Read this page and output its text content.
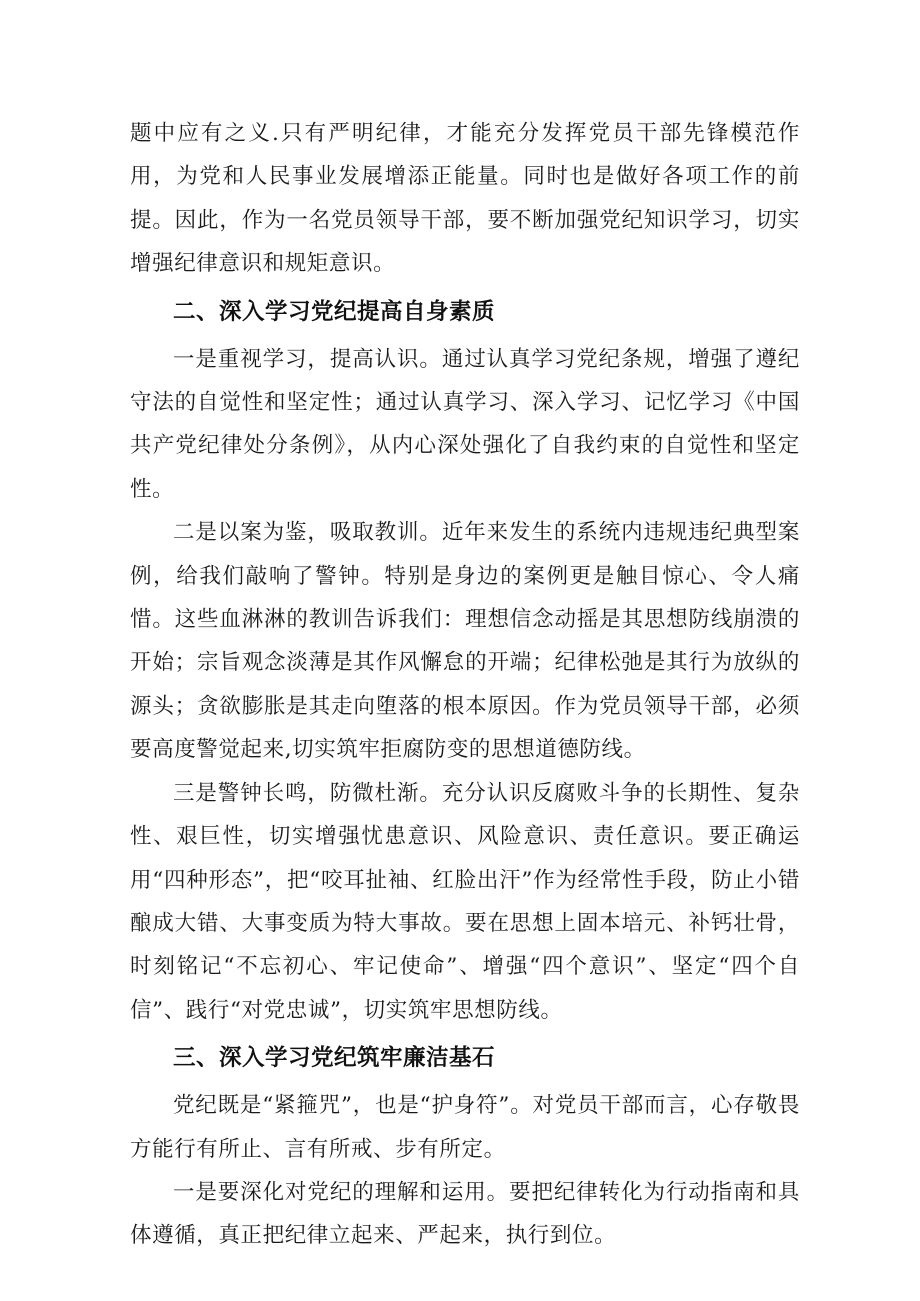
题中应有之义.只有严明纪律，才能充分发挥党员干部先锋模范作用，为党和人民事业发展增添正能量。同时也是做好各项工作的前提。因此，作为一名党员领导干部，要不断加强党纪知识学习，切实增强纪律意识和规矩意识。

二、深入学习党纪提高自身素质

一是重视学习，提高认识。通过认真学习党纪条规，增强了遵纪守法的自觉性和坚定性；通过认真学习、深入学习、记忆学习《中国共产党纪律处分条例》，从内心深处强化了自我约束的自觉性和坚定性。

二是以案为鉴，吸取教训。近年来发生的系统内违规违纪典型案例，给我们敲响了警钟。特别是身边的案例更是触目惊心、令人痛惜。这些血淋淋的教训告诉我们：理想信念动摇是其思想防线崩溃的开始；宗旨观念淡薄是其作风懈怠的开端；纪律松弛是其行为放纵的源头；贪欲膨胀是其走向堕落的根本原因。作为党员领导干部，必须要高度警觉起来,切实筑牢拒腐防变的思想道德防线。

三是警钟长鸣，防微杜渐。充分认识反腐败斗争的长期性、复杂性、艰巨性，切实增强忧患意识、风险意识、责任意识。要正确运用“四种形态”，把“咬耳扯袖、红脸出汗”作为经常性手段，防止小错酿成大错、大事变质为特大事故。要在思想上固本培元、补钙壮骨，时刻铭记“不忘初心、牢记使命”、增强“四个意识”、坚定“四个自信”、践行“对党忠诚”，切实筑牢思想防线。

三、深入学习党纪筑牢廉洁基石

党纪既是“紧箍咒”，也是“护身符”。对党员干部而言，心存敬畏方能行有所止、言有所戒、步有所定。

一是要深化对党纪的理解和运用。要把纪律转化为行动指南和具体遵循，真正把纪律立起来、严起来，执行到位。
